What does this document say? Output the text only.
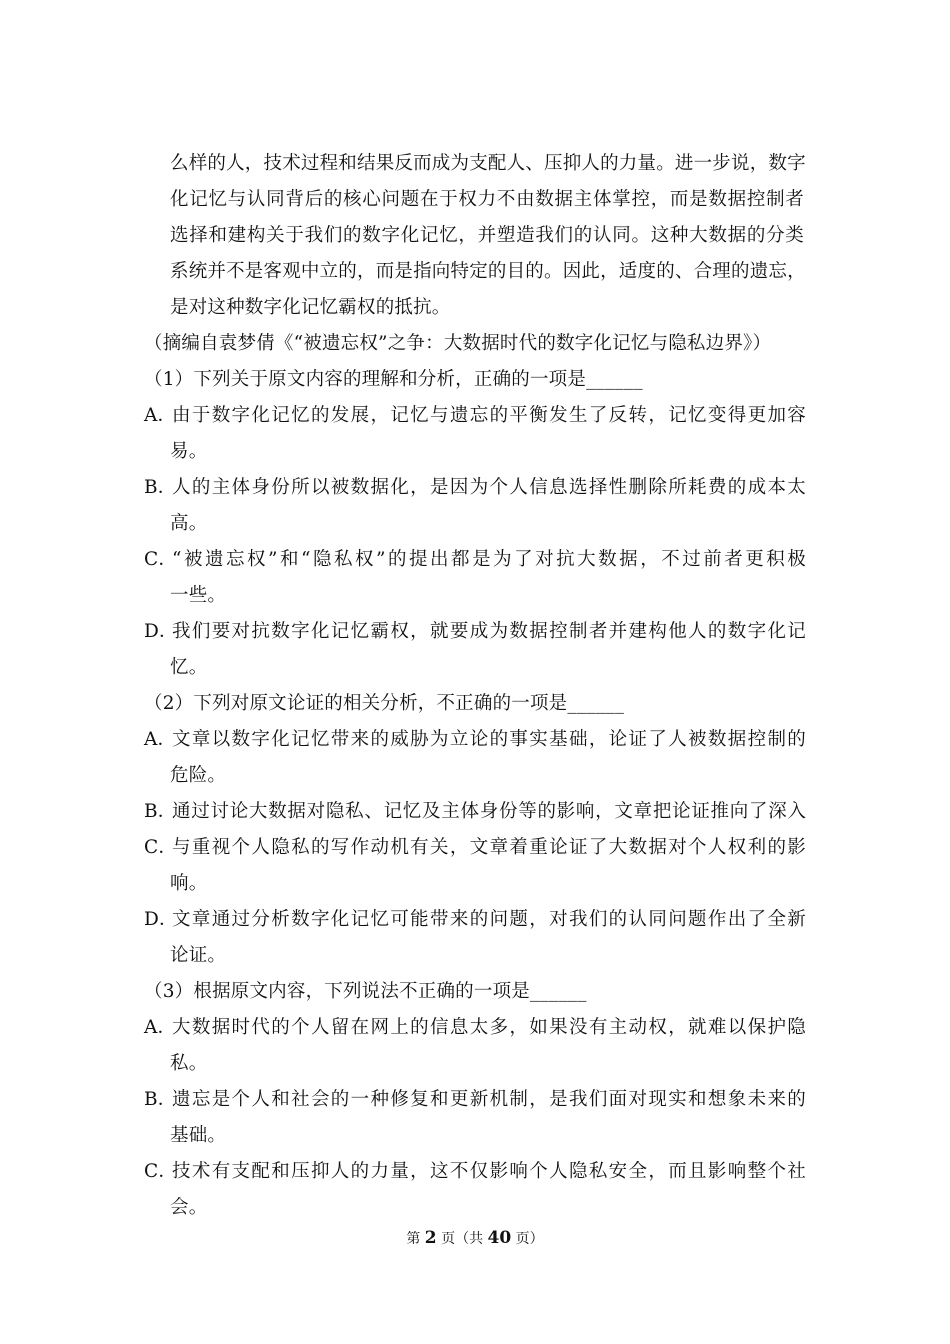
么样的人，技术过程和结果反而成为支配人、压抑人的力量。进一步说，数字
化记忆与认同背后的核心问题在于权力不由数据主体掌控，而是数据控制者
选择和建构关于我们的数字化记忆，并塑造我们的认同。这种大数据的分类
系统并不是客观中立的，而是指向特定的目的。因此，适度的、合理的遗忘，
是对这种数字化记忆霸权的抵抗。
（摘编自袁梦倩《“被遗忘权”之争：大数据时代的数字化记忆与隐私边界》）
（1）下列关于原文内容的理解和分析，正确的一项是______
A．
由于数字化记忆的发展，记忆与遗忘的平衡发生了反转，记忆变得更加容
易。
B．
人的主体身份所以被数据化，是因为个人信息选择性删除所耗费的成本太
高。
C．
“被遗忘权”和“隐私权”的提出都是为了对抗大数据，不过前者更积极
一些。
D．
我们要对抗数字化记忆霸权，就要成为数据控制者并建构他人的数字化记
忆。
（2）下列对原文论证的相关分析，不正确的一项是______
A．
文章以数字化记忆带来的威胁为立论的事实基础，论证了人被数据控制的
危险。
B．
通过讨论大数据对隐私、记忆及主体身份等的影响，文章把论证推向了深入
C．
与重视个人隐私的写作动机有关，文章着重论证了大数据对个人权利的影
响。
D．
文章通过分析数字化记忆可能带来的问题，对我们的认同问题作出了全新
论证。
（3）根据原文内容，下列说法不正确的一项是______
A．
大数据时代的个人留在网上的信息太多，如果没有主动权，就难以保护隐
私。
B．
遗忘是个人和社会的一种修复和更新机制，是我们面对现实和想象未来的
基础。
C．
技术有支配和压抑人的力量，这不仅影响个人隐私安全，而且影响整个社
会。
第 2 页（共 40 页）
